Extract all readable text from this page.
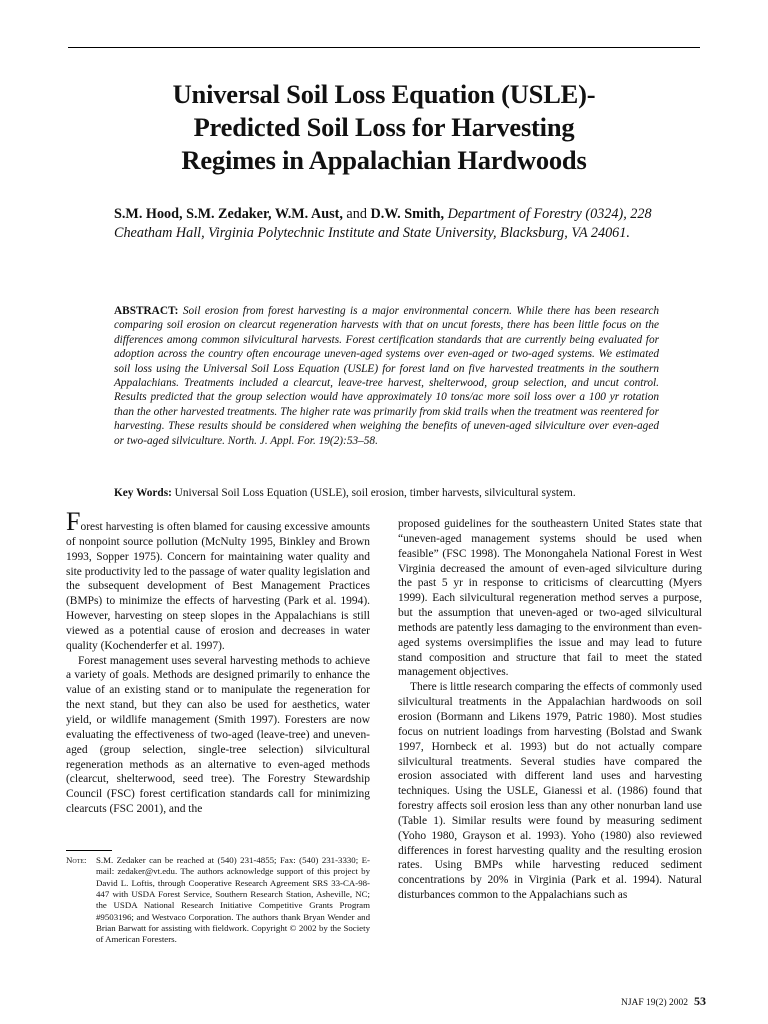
Universal Soil Loss Equation (USLE)-
Predicted Soil Loss for Harvesting
Regimes in Appalachian Hardwoods

S.M. Hood, S.M. Zedaker, W.M. Aust, and D.W. Smith, Department of Forestry (0324), 228 Cheatham Hall, Virginia Polytechnic Institute and State University, Blacksburg, VA 24061.

ABSTRACT: Soil erosion from forest harvesting is a major environmental concern. While there has been research comparing soil erosion on clearcut regeneration harvests with that on uncut forests, there has been little focus on the differences among common silvicultural harvests. Forest certification standards that are currently being evaluated for adoption across the country often encourage uneven-aged systems over even-aged or two-aged systems. We estimated soil loss using the Universal Soil Loss Equation (USLE) for forest land on five harvested treatments in the southern Appalachians. Treatments included a clearcut, leave-tree harvest, shelterwood, group selection, and uncut control. Results predicted that the group selection would have approximately 10 tons/ac more soil loss over a 100 yr rotation than the other harvested treatments. The higher rate was primarily from skid trails when the treatment was reentered for harvesting. These results should be considered when weighing the benefits of uneven-aged silviculture over even-aged or two-aged silviculture. North. J. Appl. For. 19(2):53–58.

Key Words: Universal Soil Loss Equation (USLE), soil erosion, timber harvests, silvicultural system.

Forest harvesting is often blamed for causing excessive amounts of nonpoint source pollution (McNulty 1995, Binkley and Brown 1993, Sopper 1975). Concern for maintaining water quality and site productivity led to the passage of water quality legislation and the subsequent development of Best Management Practices (BMPs) to minimize the effects of harvesting (Park et al. 1994). However, harvesting on steep slopes in the Appalachians is still viewed as a potential cause of erosion and decreases in water quality (Kochenderfer et al. 1997).

Forest management uses several harvesting methods to achieve a variety of goals. Methods are designed primarily to enhance the value of an existing stand or to manipulate the regeneration for the next stand, but they can also be used for aesthetics, water yield, or wildlife management (Smith 1997). Foresters are now evaluating the effectiveness of two-aged (leave-tree) and uneven-aged (group selection, single-tree selection) silvicultural regeneration methods as an alternative to even-aged methods (clearcut, shelterwood, seed tree). The Forestry Stewardship Council (FSC) forest certification standards call for minimizing clearcuts (FSC 2001), and the

Note:	S.M. Zedaker can be reached at (540) 231-4855; Fax: (540) 231-3330; E-mail: zedaker@vt.edu. The authors acknowledge support of this project by David L. Loftis, through Cooperative Research Agreement SRS 33-CA-98-447 with USDA Forest Service, Southern Research Station, Asheville, NC; the USDA National Research Initiative Competitive Grants Program #9503196; and Westvaco Corporation. The authors thank Bryan Wender and Brian Barwatt for assisting with fieldwork. Copyright © 2002 by the Society of American Foresters.

proposed guidelines for the southeastern United States state that “uneven-aged management systems should be used when feasible” (FSC 1998). The Monongahela National Forest in West Virginia decreased the amount of even-aged silviculture during the past 5 yr in response to criticisms of clearcutting (Myers 1999). Each silvicultural regeneration method serves a purpose, but the assumption that uneven-aged or two-aged silvicultural methods are patently less damaging to the environment than even-aged systems oversimplifies the issue and may lead to future stand composition and structure that fail to meet the stated management objectives.

There is little research comparing the effects of commonly used silvicultural treatments in the Appalachian hardwoods on soil erosion (Bormann and Likens 1979, Patric 1980). Most studies focus on nutrient loadings from harvesting (Bolstad and Swank 1997, Hornbeck et al. 1993) but do not actually compare silvicultural treatments. Several studies have compared the erosion associated with different land uses and harvesting techniques. Using the USLE, Gianessi et al. (1986) found that forestry affects soil erosion less than any other nonurban land use (Table 1). Similar results were found by measuring sediment (Yoho 1980, Grayson et al. 1993). Yoho (1980) also reviewed differences in forest harvesting quality and the resulting erosion rates. Using BMPs while harvesting reduced sediment concentrations by 20% in Virginia (Park et al. 1994). Natural disturbances common to the Appalachians such as

NJAF 19(2) 2002 53
